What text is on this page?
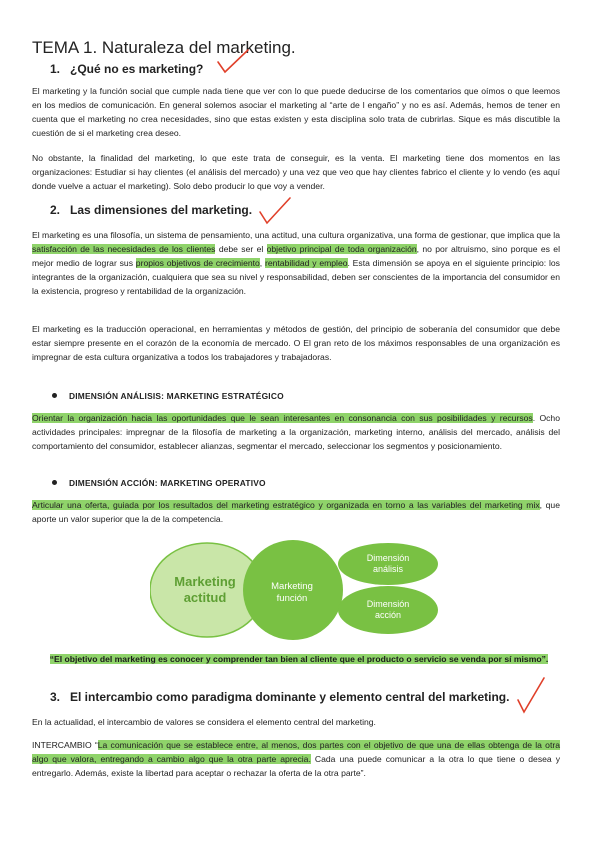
TEMA 1. Naturaleza del marketing.
1. ¿Qué no es marketing?

El marketing y la función social que cumple nada tiene que ver con lo que puede deducirse de los comentarios que oímos o que leemos en los medios de comunicación. En general solemos asociar el marketing al “arte de l engaño” y no es así. Además, hemos de tener en cuenta que el marketing no crea necesidades, sino que estas existen y esta disciplina solo trata de cubrirlas. Sique es más discutible la cuestión de si el marketing crea deseo.

No obstante, la finalidad del marketing, lo que este trata de conseguir, es la venta. El marketing tiene dos momentos en las organizaciones: Estudiar si hay clientes (el análisis del mercado) y una vez que veo que hay clientes fabrico el cliente y lo vendo (es aquí donde vuelve a actuar el marketing). Solo debo producir lo que voy a vender.

2. Las dimensiones del marketing.

El marketing es una filosofía, un sistema de pensamiento, una actitud, una cultura organizativa, una forma de gestionar, que implica que la satisfacción de las necesidades de los clientes debe ser el objetivo principal de toda organización, no por altruismo, sino porque es el mejor medio de lograr sus propios objetivos de crecimiento, rentabilidad y empleo. Esta dimensión se apoya en el siguiente principio: los integrantes de la organización, cualquiera que sea su nivel y responsabilidad, deben ser conscientes de la importancia del consumidor en la existencia, progreso y rentabilidad de la organización.

El marketing es la traducción operacional, en herramientas y métodos de gestión, del principio de soberanía del consumidor que debe estar siempre presente en el corazón de la economía de mercado. O El gran reto de los máximos responsables de una organización es impregnar de esta cultura organizativa a todos los trabajadores y trabajadoras.

DIMENSIÓN ANÁLISIS: MARKETING ESTRATÉGICO

Orientar la organización hacia las oportunidades que le sean interesantes en consonancia con sus posibilidades y recursos. Ocho actividades principales: impregnar de la filosofía de marketing a la organización, marketing interno, análisis del mercado, análisis del comportamiento del consumidor, establecer alianzas, segmentar el mercado, seleccionar los segmentos y posicionamiento.

DIMENSIÓN ACCIÓN: MARKETING OPERATIVO

Articular una oferta, guiada por los resultados del marketing estratégico y organizada en torno a las variables del marketing mix, que aporte un valor superior que la de la competencia.

Marketing
actitud
Marketing
función
Dimensión
análisis
Dimensión
acción

“El objetivo del marketing es conocer y comprender tan bien al cliente que el producto o servicio se venda por sí mismo”.

3. El intercambio como paradigma dominante y elemento central del marketing.

En la actualidad, el intercambio de valores se considera el elemento central del marketing.

INTERCAMBIO “La comunicación que se establece entre, al menos, dos partes con el objetivo de que una de ellas obtenga de la otra algo que valora, entregando a cambio algo que la otra parte aprecia. Cada una puede comunicar a la otra lo que tiene o desea y entregarlo. Además, existe la libertad para aceptar o rechazar la oferta de la otra parte”.
